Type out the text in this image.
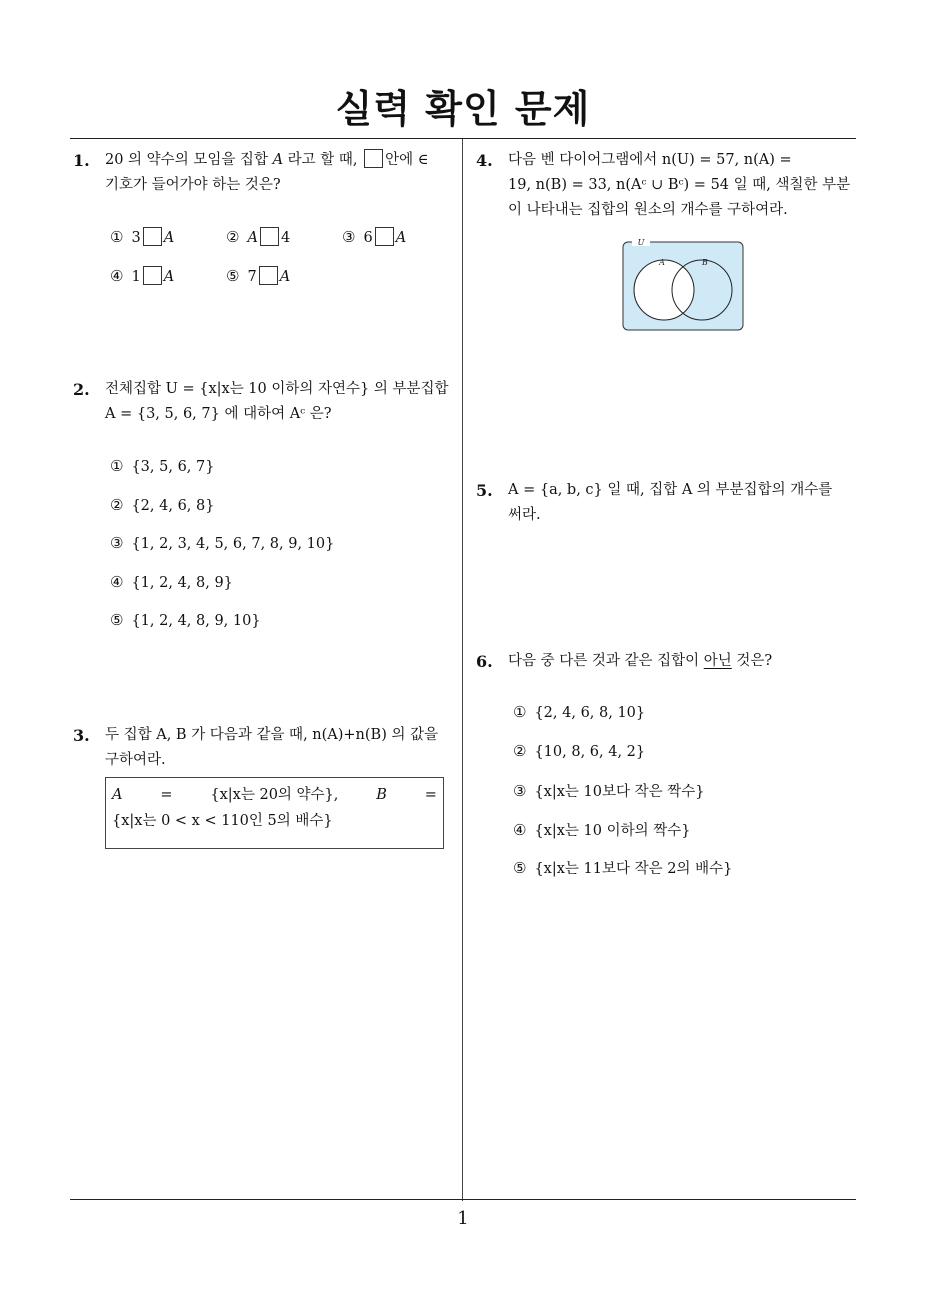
실력 확인 문제
1
1. 20 의 약수의 모임을 집합 A 라고 할 때, 안에 ∈
기호가 들어가야 하는 것은?
① 3 A	② A 4	③ 6 A
④ 1 A	⑤ 7 A
2. 전체집합 U = {x|x는 10 이하의 자연수} 의 부분집합
A = {3, 5, 6, 7} 에 대하여 Aᶜ 은?
① {3, 5, 6, 7}
② {2, 4, 6, 8}
③ {1, 2, 3, 4, 5, 6, 7, 8, 9, 10}
④ {1, 2, 4, 8, 9}
⑤ {1, 2, 4, 8, 9, 10}
3. 두 집합 A, B 가 다음과 같을 때, n(A)+n(B) 의 값을
구하여라.
A	=	{x|x는 20의 약수},	B	=
{x|x는 0 < x < 110인 5의 배수}
4. 다음 벤 다이어그램에서 n(U) = 57, n(A) =
19, n(B) = 33, n(Aᶜ ∪ Bᶜ) = 54 일 때, 색칠한 부분
이 나타내는 집합의 원소의 개수를 구하여라.
U
A	B
5. A = {a, b, c} 일 때, 집합 A 의 부분집합의 개수를
써라.
6. 다음 중 다른 것과 같은 집합이 아닌 것은?
① {2, 4, 6, 8, 10}
② {10, 8, 6, 4, 2}
③ {x|x는 10보다 작은 짝수}
④ {x|x는 10 이하의 짝수}
⑤ {x|x는 11보다 작은 2의 배수}
